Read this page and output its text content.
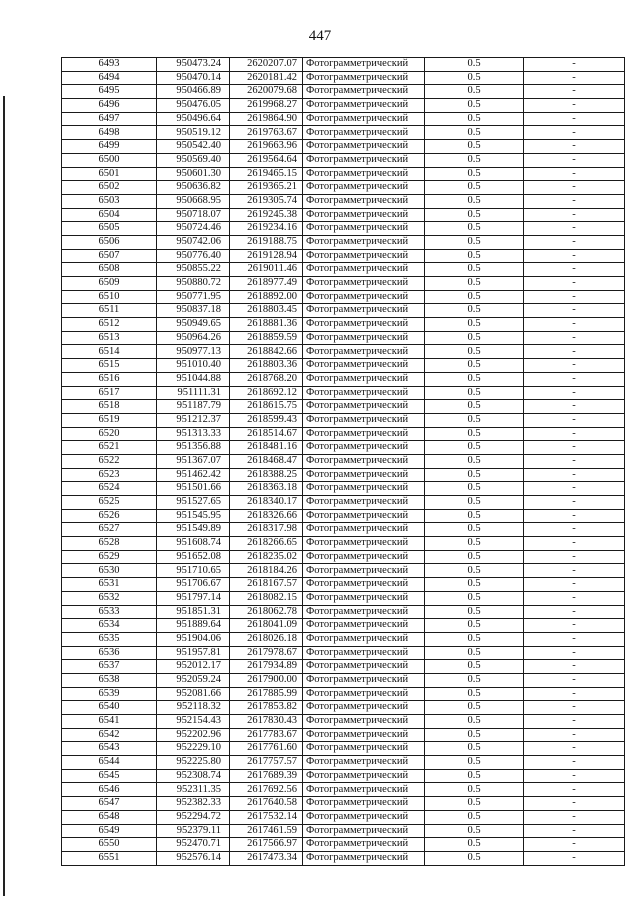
447
6493	950473.24	2620207.07	Фотограмметрический	0.5	-
6494	950470.14	2620181.42	Фотограмметрический	0.5	-
6495	950466.89	2620079.68	Фотограмметрический	0.5	-
6496	950476.05	2619968.27	Фотограмметрический	0.5	-
6497	950496.64	2619864.90	Фотограмметрический	0.5	-
6498	950519.12	2619763.67	Фотограмметрический	0.5	-
6499	950542.40	2619663.96	Фотограмметрический	0.5	-
6500	950569.40	2619564.64	Фотограмметрический	0.5	-
6501	950601.30	2619465.15	Фотограмметрический	0.5	-
6502	950636.82	2619365.21	Фотограмметрический	0.5	-
6503	950668.95	2619305.74	Фотограмметрический	0.5	-
6504	950718.07	2619245.38	Фотограмметрический	0.5	-
6505	950724.46	2619234.16	Фотограмметрический	0.5	-
6506	950742.06	2619188.75	Фотограмметрический	0.5	-
6507	950776.40	2619128.94	Фотограмметрический	0.5	-
6508	950855.22	2619011.46	Фотограмметрический	0.5	-
6509	950880.72	2618977.49	Фотограмметрический	0.5	-
6510	950771.95	2618892.00	Фотограмметрический	0.5	-
6511	950837.18	2618803.45	Фотограмметрический	0.5	-
6512	950949.65	2618881.36	Фотограмметрический	0.5	-
6513	950964.26	2618859.59	Фотограмметрический	0.5	-
6514	950977.13	2618842.66	Фотограмметрический	0.5	-
6515	951010.40	2618803.36	Фотограмметрический	0.5	-
6516	951044.88	2618768.20	Фотограмметрический	0.5	-
6517	951111.31	2618692.12	Фотограмметрический	0.5	-
6518	951187.79	2618615.75	Фотограмметрический	0.5	-
6519	951212.37	2618599.43	Фотограмметрический	0.5	-
6520	951313.33	2618514.67	Фотограмметрический	0.5	-
6521	951356.88	2618481.16	Фотограмметрический	0.5	-
6522	951367.07	2618468.47	Фотограмметрический	0.5	-
6523	951462.42	2618388.25	Фотограмметрический	0.5	-
6524	951501.66	2618363.18	Фотограмметрический	0.5	-
6525	951527.65	2618340.17	Фотограмметрический	0.5	-
6526	951545.95	2618326.66	Фотограмметрический	0.5	-
6527	951549.89	2618317.98	Фотограмметрический	0.5	-
6528	951608.74	2618266.65	Фотограмметрический	0.5	-
6529	951652.08	2618235.02	Фотограмметрический	0.5	-
6530	951710.65	2618184.26	Фотограмметрический	0.5	-
6531	951706.67	2618167.57	Фотограмметрический	0.5	-
6532	951797.14	2618082.15	Фотограмметрический	0.5	-
6533	951851.31	2618062.78	Фотограмметрический	0.5	-
6534	951889.64	2618041.09	Фотограмметрический	0.5	-
6535	951904.06	2618026.18	Фотограмметрический	0.5	-
6536	951957.81	2617978.67	Фотограмметрический	0.5	-
6537	952012.17	2617934.89	Фотограмметрический	0.5	-
6538	952059.24	2617900.00	Фотограмметрический	0.5	-
6539	952081.66	2617885.99	Фотограмметрический	0.5	-
6540	952118.32	2617853.82	Фотограмметрический	0.5	-
6541	952154.43	2617830.43	Фотограмметрический	0.5	-
6542	952202.96	2617783.67	Фотограмметрический	0.5	-
6543	952229.10	2617761.60	Фотограмметрический	0.5	-
6544	952225.80	2617757.57	Фотограмметрический	0.5	-
6545	952308.74	2617689.39	Фотограмметрический	0.5	-
6546	952311.35	2617692.56	Фотограмметрический	0.5	-
6547	952382.33	2617640.58	Фотограмметрический	0.5	-
6548	952294.72	2617532.14	Фотограмметрический	0.5	-
6549	952379.11	2617461.59	Фотограмметрический	0.5	-
6550	952470.71	2617566.97	Фотограмметрический	0.5	-
6551	952576.14	2617473.34	Фотограмметрический	0.5	-
